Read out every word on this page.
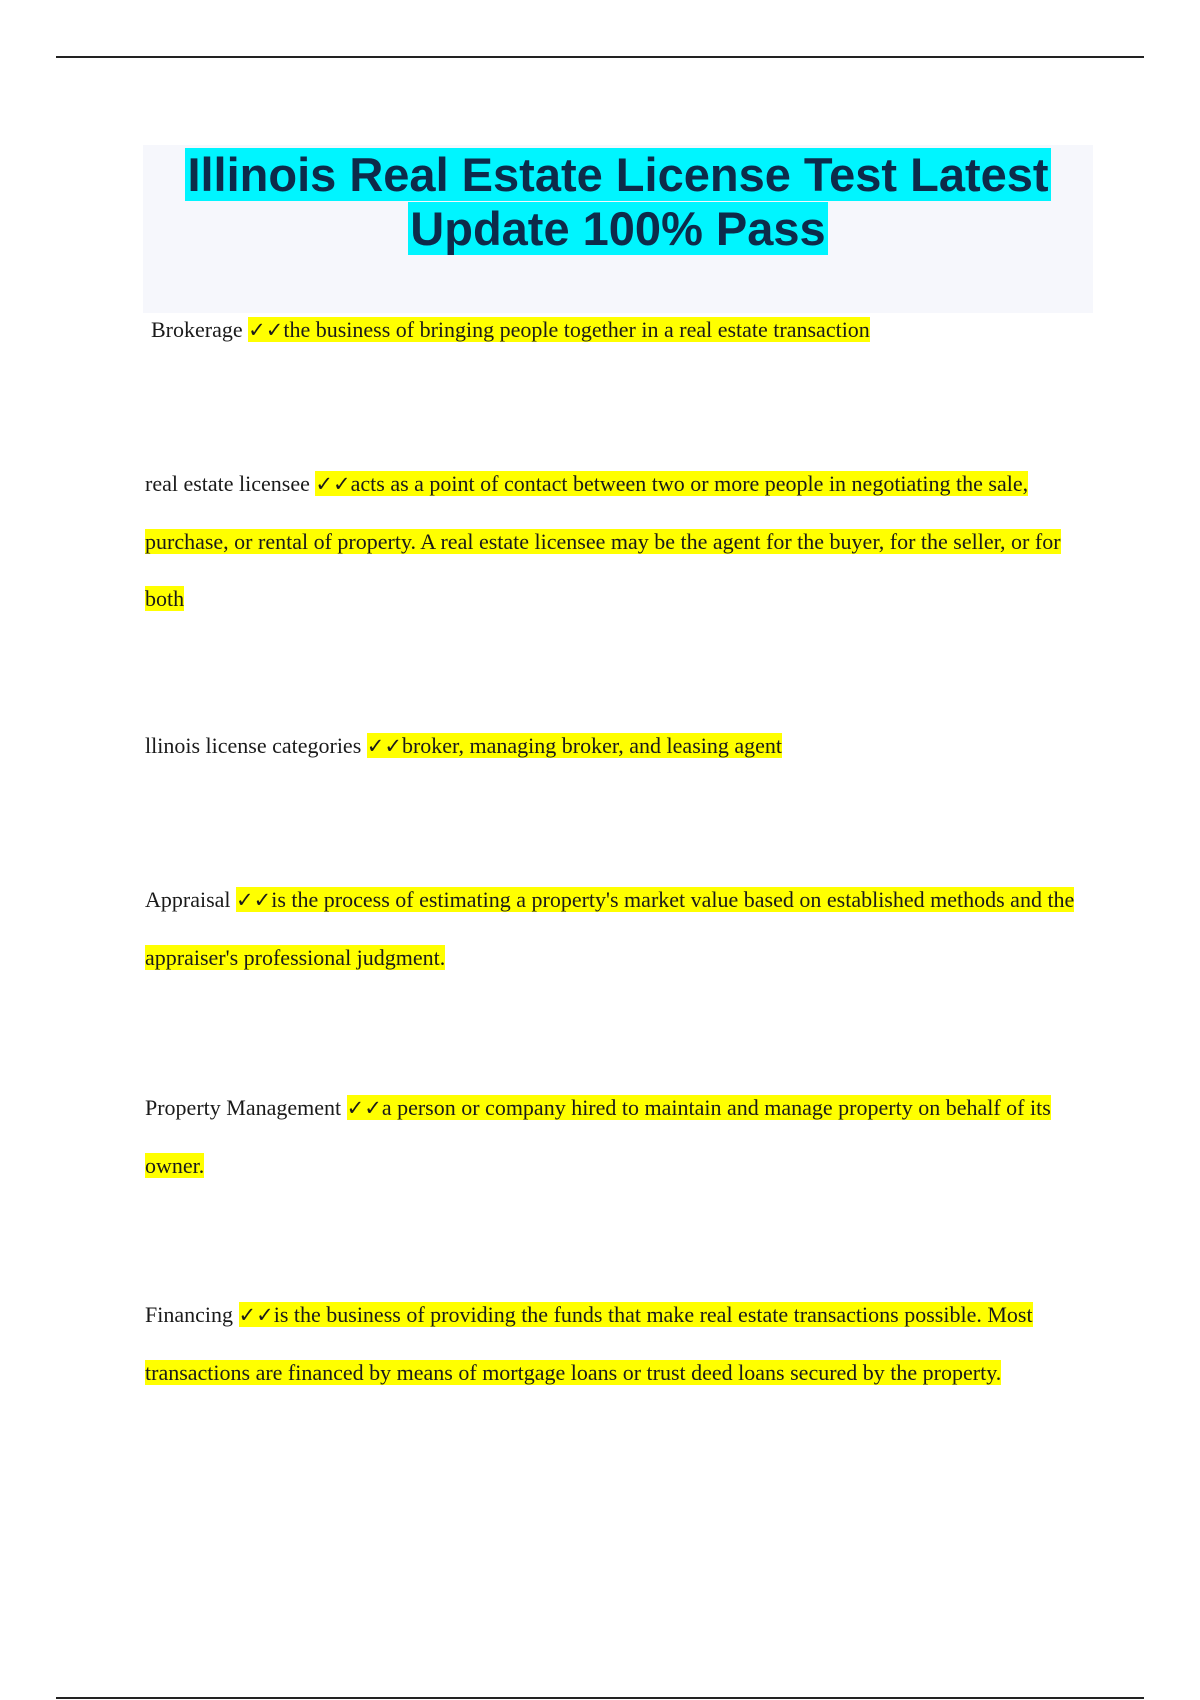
Illinois Real Estate License Test Latest Update 100% Pass

Brokerage ✓✓the business of bringing people together in a real estate transaction

real estate licensee ✓✓acts as a point of contact between two or more people in negotiating the sale, purchase, or rental of property. A real estate licensee may be the agent for the buyer, for the seller, or for both

llinois license categories ✓✓broker, managing broker, and leasing agent

Appraisal ✓✓is the process of estimating a property's market value based on established methods and the appraiser's professional judgment.

Property Management ✓✓a person or company hired to maintain and manage property on behalf of its owner.

Financing ✓✓is the business of providing the funds that make real estate transactions possible. Most transactions are financed by means of mortgage loans or trust deed loans secured by the property.
